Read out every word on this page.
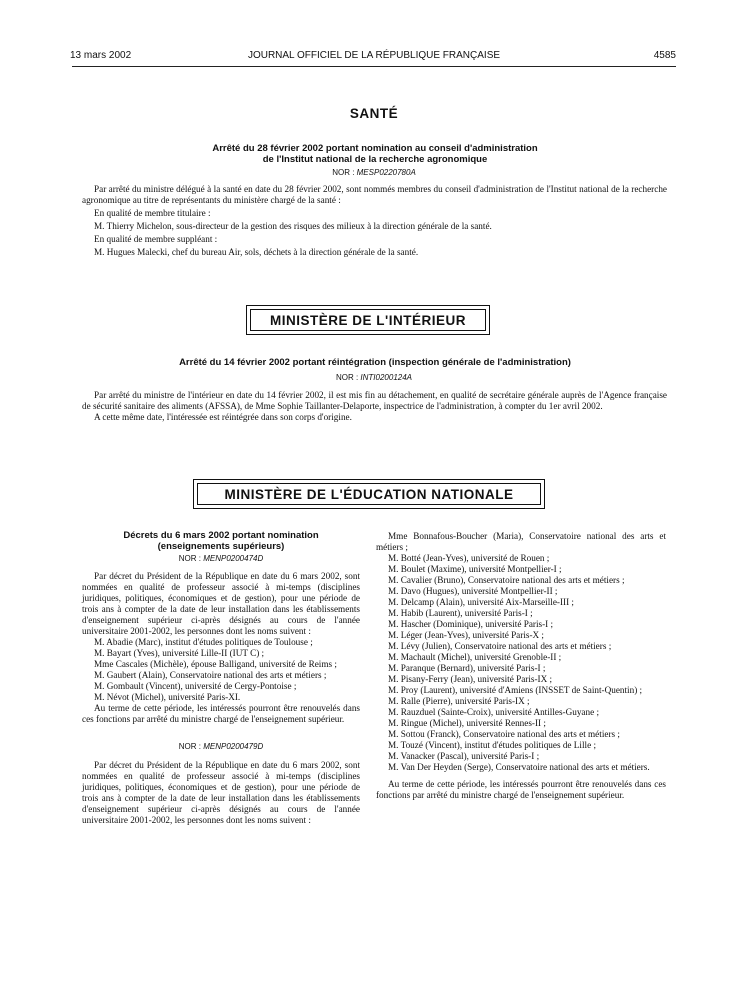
13 mars 2002	JOURNAL OFFICIEL DE LA RÉPUBLIQUE FRANÇAISE	4585
SANTÉ
Arrêté du 28 février 2002 portant nomination au conseil d'administration
de l'Institut national de la recherche agronomique
NOR : MESP0220780A

Par arrêté du ministre délégué à la santé en date du 28 février 2002, sont nommés membres du conseil d'administration de l'Institut national de la recherche agronomique au titre de représentants du ministère chargé de la santé :

En qualité de membre titulaire :

M. Thierry Michelon, sous-directeur de la gestion des risques des milieux à la direction générale de la santé.

En qualité de membre suppléant :

M. Hugues Malecki, chef du bureau Air, sols, déchets à la direction générale de la santé.

MINISTÈRE DE L'INTÉRIEUR
Arrêté du 14 février 2002 portant réintégration (inspection générale de l'administration)
NOR : INTI0200124A

Par arrêté du ministre de l'intérieur en date du 14 février 2002, il est mis fin au détachement, en qualité de secrétaire générale auprès de l'Agence française de sécurité sanitaire des aliments (AFSSA), de Mme Sophie Taillanter-Delaporte, inspectrice de l'administration, à compter du 1er avril 2002.

A cette même date, l'intéressée est réintégrée dans son corps d'origine.

MINISTÈRE DE L'ÉDUCATION NATIONALE
Décrets du 6 mars 2002 portant nomination
(enseignements supérieurs)
NOR : MENP0200474D

Par décret du Président de la République en date du 6 mars 2002, sont nommées en qualité de professeur associé à mi-temps (disciplines juridiques, politiques, économiques et de gestion), pour une période de trois ans à compter de la date de leur installation dans les établissements d'enseignement supérieur ci-après désignés au cours de l'année universitaire 2001-2002, les personnes dont les noms suivent :

M. Abadie (Marc), institut d'études politiques de Toulouse ;

M. Bayart (Yves), université Lille-II (IUT C) ;

Mme Cascales (Michèle), épouse Balligand, université de Reims ;

M. Gaubert (Alain), Conservatoire national des arts et métiers ;

M. Gombault (Vincent), université de Cergy-Pontoise ;

M. Névot (Michel), université Paris-XI.

Au terme de cette période, les intéressés pourront être renouvelés dans ces fonctions par arrêté du ministre chargé de l'enseignement supérieur.

NOR : MENP0200479D

Par décret du Président de la République en date du 6 mars 2002, sont nommées en qualité de professeur associé à mi-temps (disciplines juridiques, politiques, économiques et de gestion), pour une période de trois ans à compter de la date de leur installation dans les établissements d'enseignement supérieur ci-après désignés au cours de l'année universitaire 2001-2002, les personnes dont les noms suivent :

Mme Bonnafous-Boucher (Maria), Conservatoire national des arts et métiers ;

M. Botté (Jean-Yves), université de Rouen ;

M. Boulet (Maxime), université Montpellier-I ;

M. Cavalier (Bruno), Conservatoire national des arts et métiers ;

M. Davo (Hugues), université Montpellier-II ;

M. Delcamp (Alain), université Aix-Marseille-III ;

M. Habib (Laurent), université Paris-I ;

M. Hascher (Dominique), université Paris-I ;

M. Léger (Jean-Yves), université Paris-X ;

M. Lévy (Julien), Conservatoire national des arts et métiers ;

M. Machault (Michel), université Grenoble-II ;

M. Paranque (Bernard), université Paris-I ;

M. Pisany-Ferry (Jean), université Paris-IX ;

M. Proy (Laurent), université d'Amiens (INSSET de Saint-Quentin) ;

M. Ralle (Pierre), université Paris-IX ;

M. Rauzduel (Sainte-Croix), université Antilles-Guyane ;

M. Ringue (Michel), université Rennes-II ;

M. Sottou (Franck), Conservatoire national des arts et métiers ;

M. Touzé (Vincent), institut d'études politiques de Lille ;

M. Vanacker (Pascal), université Paris-I ;

M. Van Der Heyden (Serge), Conservatoire national des arts et métiers.

Au terme de cette période, les intéressés pourront être renouvelés dans ces fonctions par arrêté du ministre chargé de l'enseignement supérieur.
